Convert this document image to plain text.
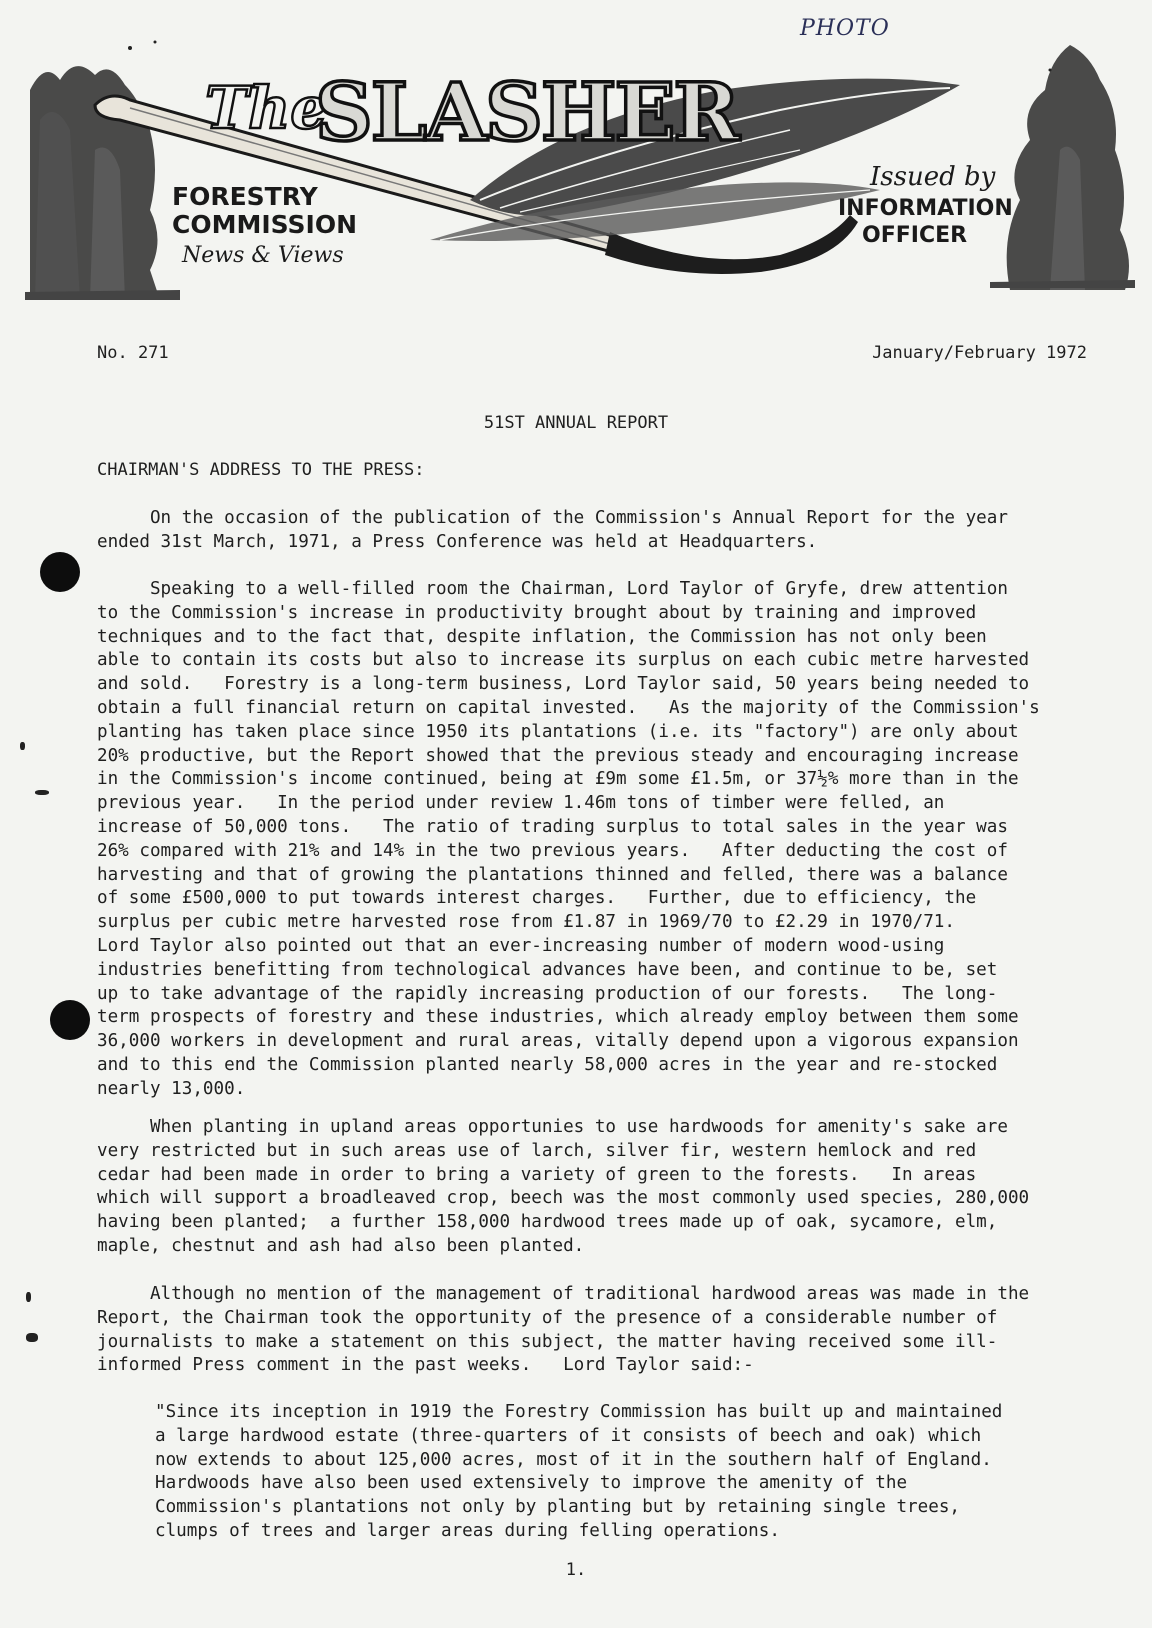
The
SLASHER
FORESTRY
COMMISSION
News & Views
Issued by
INFORMATION
OFFICER
PHOTO
No. 271	January/February 1972
51ST ANNUAL REPORT
CHAIRMAN'S ADDRESS TO THE PRESS:

On the occasion of the publication of the Commission's Annual Report for the year
ended 31st March, 1971, a Press Conference was held at Headquarters.

Speaking to a well-filled room the Chairman, Lord Taylor of Gryfe, drew attention
to the Commission's increase in productivity brought about by training and improved
techniques and to the fact that, despite inflation, the Commission has not only been
able to contain its costs but also to increase its surplus on each cubic metre harvested
and sold.   Forestry is a long-term business, Lord Taylor said, 50 years being needed to
obtain a full financial return on capital invested.   As the majority of the Commission's
planting has taken place since 1950 its plantations (i.e. its "factory") are only about
20% productive, but the Report showed that the previous steady and encouraging increase
in the Commission's income continued, being at £9m some £1.5m, or 37½% more than in the
previous year.   In the period under review 1.46m tons of timber were felled, an
increase of 50,000 tons.   The ratio of trading surplus to total sales in the year was
26% compared with 21% and 14% in the two previous years.   After deducting the cost of
harvesting and that of growing the plantations thinned and felled, there was a balance
of some £500,000 to put towards interest charges.   Further, due to efficiency, the
surplus per cubic metre harvested rose from £1.87 in 1969/70 to £2.29 in 1970/71.
Lord Taylor also pointed out that an ever-increasing number of modern wood-using
industries benefitting from technological advances have been, and continue to be, set
up to take advantage of the rapidly increasing production of our forests.   The long-
term prospects of forestry and these industries, which already employ between them some
36,000 workers in development and rural areas, vitally depend upon a vigorous expansion
and to this end the Commission planted nearly 58,000 acres in the year and re-stocked
nearly 13,000.

When planting in upland areas opportunies to use hardwoods for amenity's sake are
very restricted but in such areas use of larch, silver fir, western hemlock and red
cedar had been made in order to bring a variety of green to the forests.   In areas
which will support a broadleaved crop, beech was the most commonly used species, 280,000
having been planted;  a further 158,000 hardwood trees made up of oak, sycamore, elm,
maple, chestnut and ash had also been planted.

Although no mention of the management of traditional hardwood areas was made in the
Report, the Chairman took the opportunity of the presence of a considerable number of
journalists to make a statement on this subject, the matter having received some ill-
informed Press comment in the past weeks.   Lord Taylor said:-

"Since its inception in 1919 the Forestry Commission has built up and maintained
a large hardwood estate (three-quarters of it consists of beech and oak) which
now extends to about 125,000 acres, most of it in the southern half of England.
Hardwoods have also been used extensively to improve the amenity of the
Commission's plantations not only by planting but by retaining single trees,
clumps of trees and larger areas during felling operations.

1.
